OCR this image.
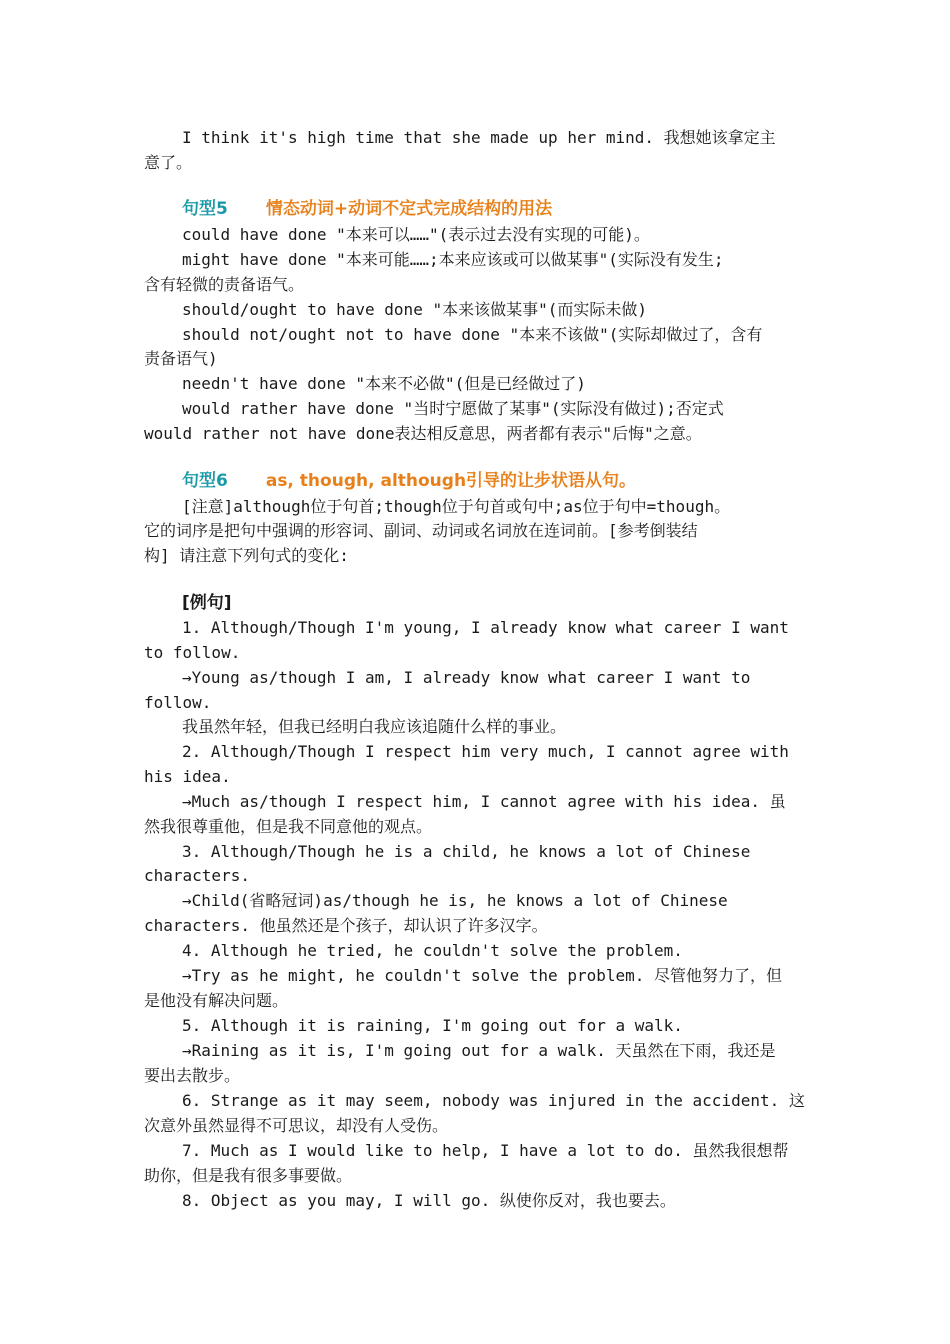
I think it's high time that she made up her mind. 我想她该拿定主
意了。
句型5 情态动词+动词不定式完成结构的用法
could have done "本来可以……"(表示过去没有实现的可能)。
might have done "本来可能……;本来应该或可以做某事"(实际没有发生;
含有轻微的责备语气。
should/ought to have done "本来该做某事"(而实际未做)
should not/ought not to have done "本来不该做"(实际却做过了，含有
责备语气)
needn't have done "本来不必做"(但是已经做过了)
would rather have done "当时宁愿做了某事"(实际没有做过);否定式
would rather not have done表达相反意思，两者都有表示"后悔"之意。
句型6 as, though, although引导的让步状语从句。
[注意]although位于句首;though位于句首或句中;as位于句中=though。
它的词序是把句中强调的形容词、副词、动词或名词放在连词前。[参考倒装结
构] 请注意下列句式的变化:
[例句]
1. Although/Though I'm young, I already know what career I want
to follow.
→Young as/though I am, I already know what career I want to
follow.
我虽然年轻，但我已经明白我应该追随什么样的事业。
2. Although/Though I respect him very much, I cannot agree with
his idea.
→Much as/though I respect him, I cannot agree with his idea. 虽
然我很尊重他，但是我不同意他的观点。
3. Although/Though he is a child, he knows a lot of Chinese
characters.
→Child(省略冠词)as/though he is, he knows a lot of Chinese
characters. 他虽然还是个孩子，却认识了许多汉字。
4. Although he tried, he couldn't solve the problem.
→Try as he might, he couldn't solve the problem. 尽管他努力了，但
是他没有解决问题。
5. Although it is raining, I'm going out for a walk.
→Raining as it is, I'm going out for a walk. 天虽然在下雨，我还是
要出去散步。
6. Strange as it may seem, nobody was injured in the accident. 这
次意外虽然显得不可思议，却没有人受伤。
7. Much as I would like to help, I have a lot to do. 虽然我很想帮
助你，但是我有很多事要做。
8. Object as you may, I will go. 纵使你反对，我也要去。
